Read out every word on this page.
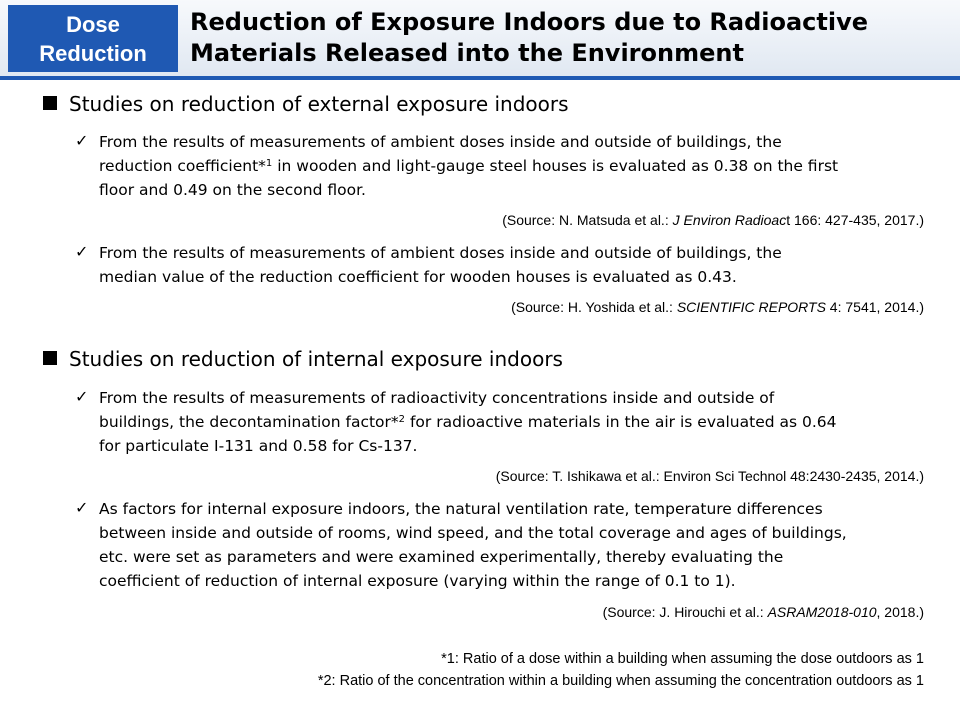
Dose
Reduction
Reduction of Exposure Indoors due to Radioactive
Materials Released into the Environment
Studies on reduction of external exposure indoors
✓ From the results of measurements of ambient doses inside and outside of buildings, the
reduction coefficient*$^1$ in wooden and light-gauge steel houses is evaluated as 0.38 on the first
floor and 0.49 on the second floor.
(Source: N. Matsuda et al.: J Environ Radioact 166: 427-435, 2017.)
✓ From the results of measurements of ambient doses inside and outside of buildings, the
median value of the reduction coefficient for wooden houses is evaluated as 0.43.
(Source: H. Yoshida et al.: SCIENTIFIC REPORTS 4: 7541, 2014.)
Studies on reduction of internal exposure indoors
✓ From the results of measurements of radioactivity concentrations inside and outside of
buildings, the decontamination factor*$^2$ for radioactive materials in the air is evaluated as 0.64
for particulate I-131 and 0.58 for Cs-137.
(Source: T. Ishikawa et al.: Environ Sci Technol 48:2430-2435, 2014.)
✓ As factors for internal exposure indoors, the natural ventilation rate, temperature differences
between inside and outside of rooms, wind speed, and the total coverage and ages of buildings,
etc. were set as parameters and were examined experimentally, thereby evaluating the
coefficient of reduction of internal exposure (varying within the range of 0.1 to 1).
(Source: J. Hirouchi et al.: ASRAM2018-010, 2018.)
*1: Ratio of a dose within a building when assuming the dose outdoors as 1
*2: Ratio of the concentration within a building when assuming the concentration outdoors as 1
